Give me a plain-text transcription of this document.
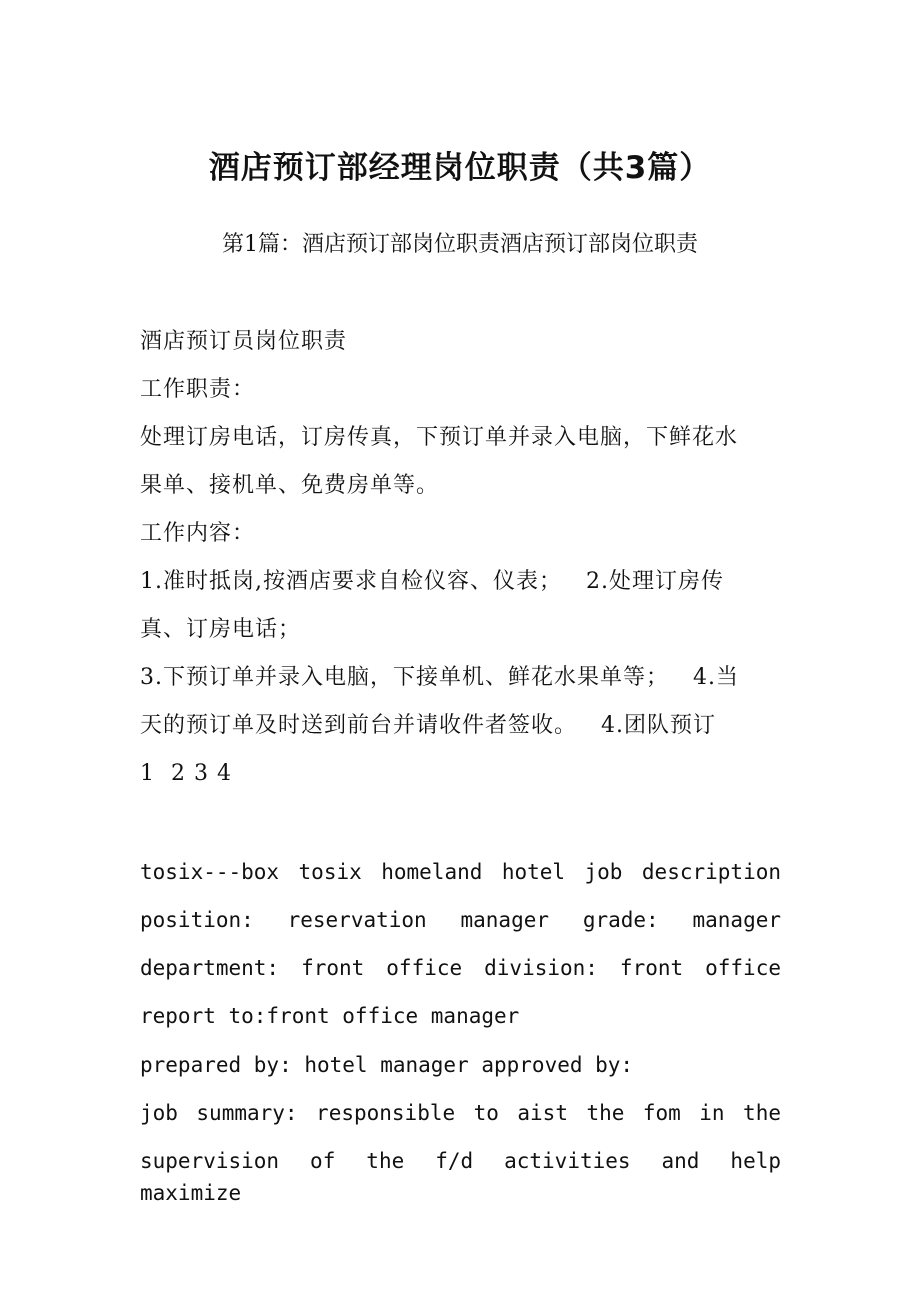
酒店预订部经理岗位职责（共3篇）
第1篇：酒店预订部岗位职责酒店预订部岗位职责
酒店预订员岗位职责
工作职责：
处理订房电话，订房传真，下预订单并录入电脑，下鲜花水
果单、接机单、免费房单等。
工作内容：
1.准时抵岗,按酒店要求自检仪容、仪表；   2.处理订房传
真、订房电话；
3.下预订单并录入电脑，下接单机、鲜花水果单等；   4.当
天的预订单及时送到前台并请收件者签收。   4.团队预订
1  2 3 4
tosix---box tosix homeland hotel job description
position: reservation manager grade: manager
department: front office division: front office
report to:front office manager
prepared by: hotel manager approved by:
job summary: responsible to aist the fom in the
supervision of the f/d activities and help maximize
